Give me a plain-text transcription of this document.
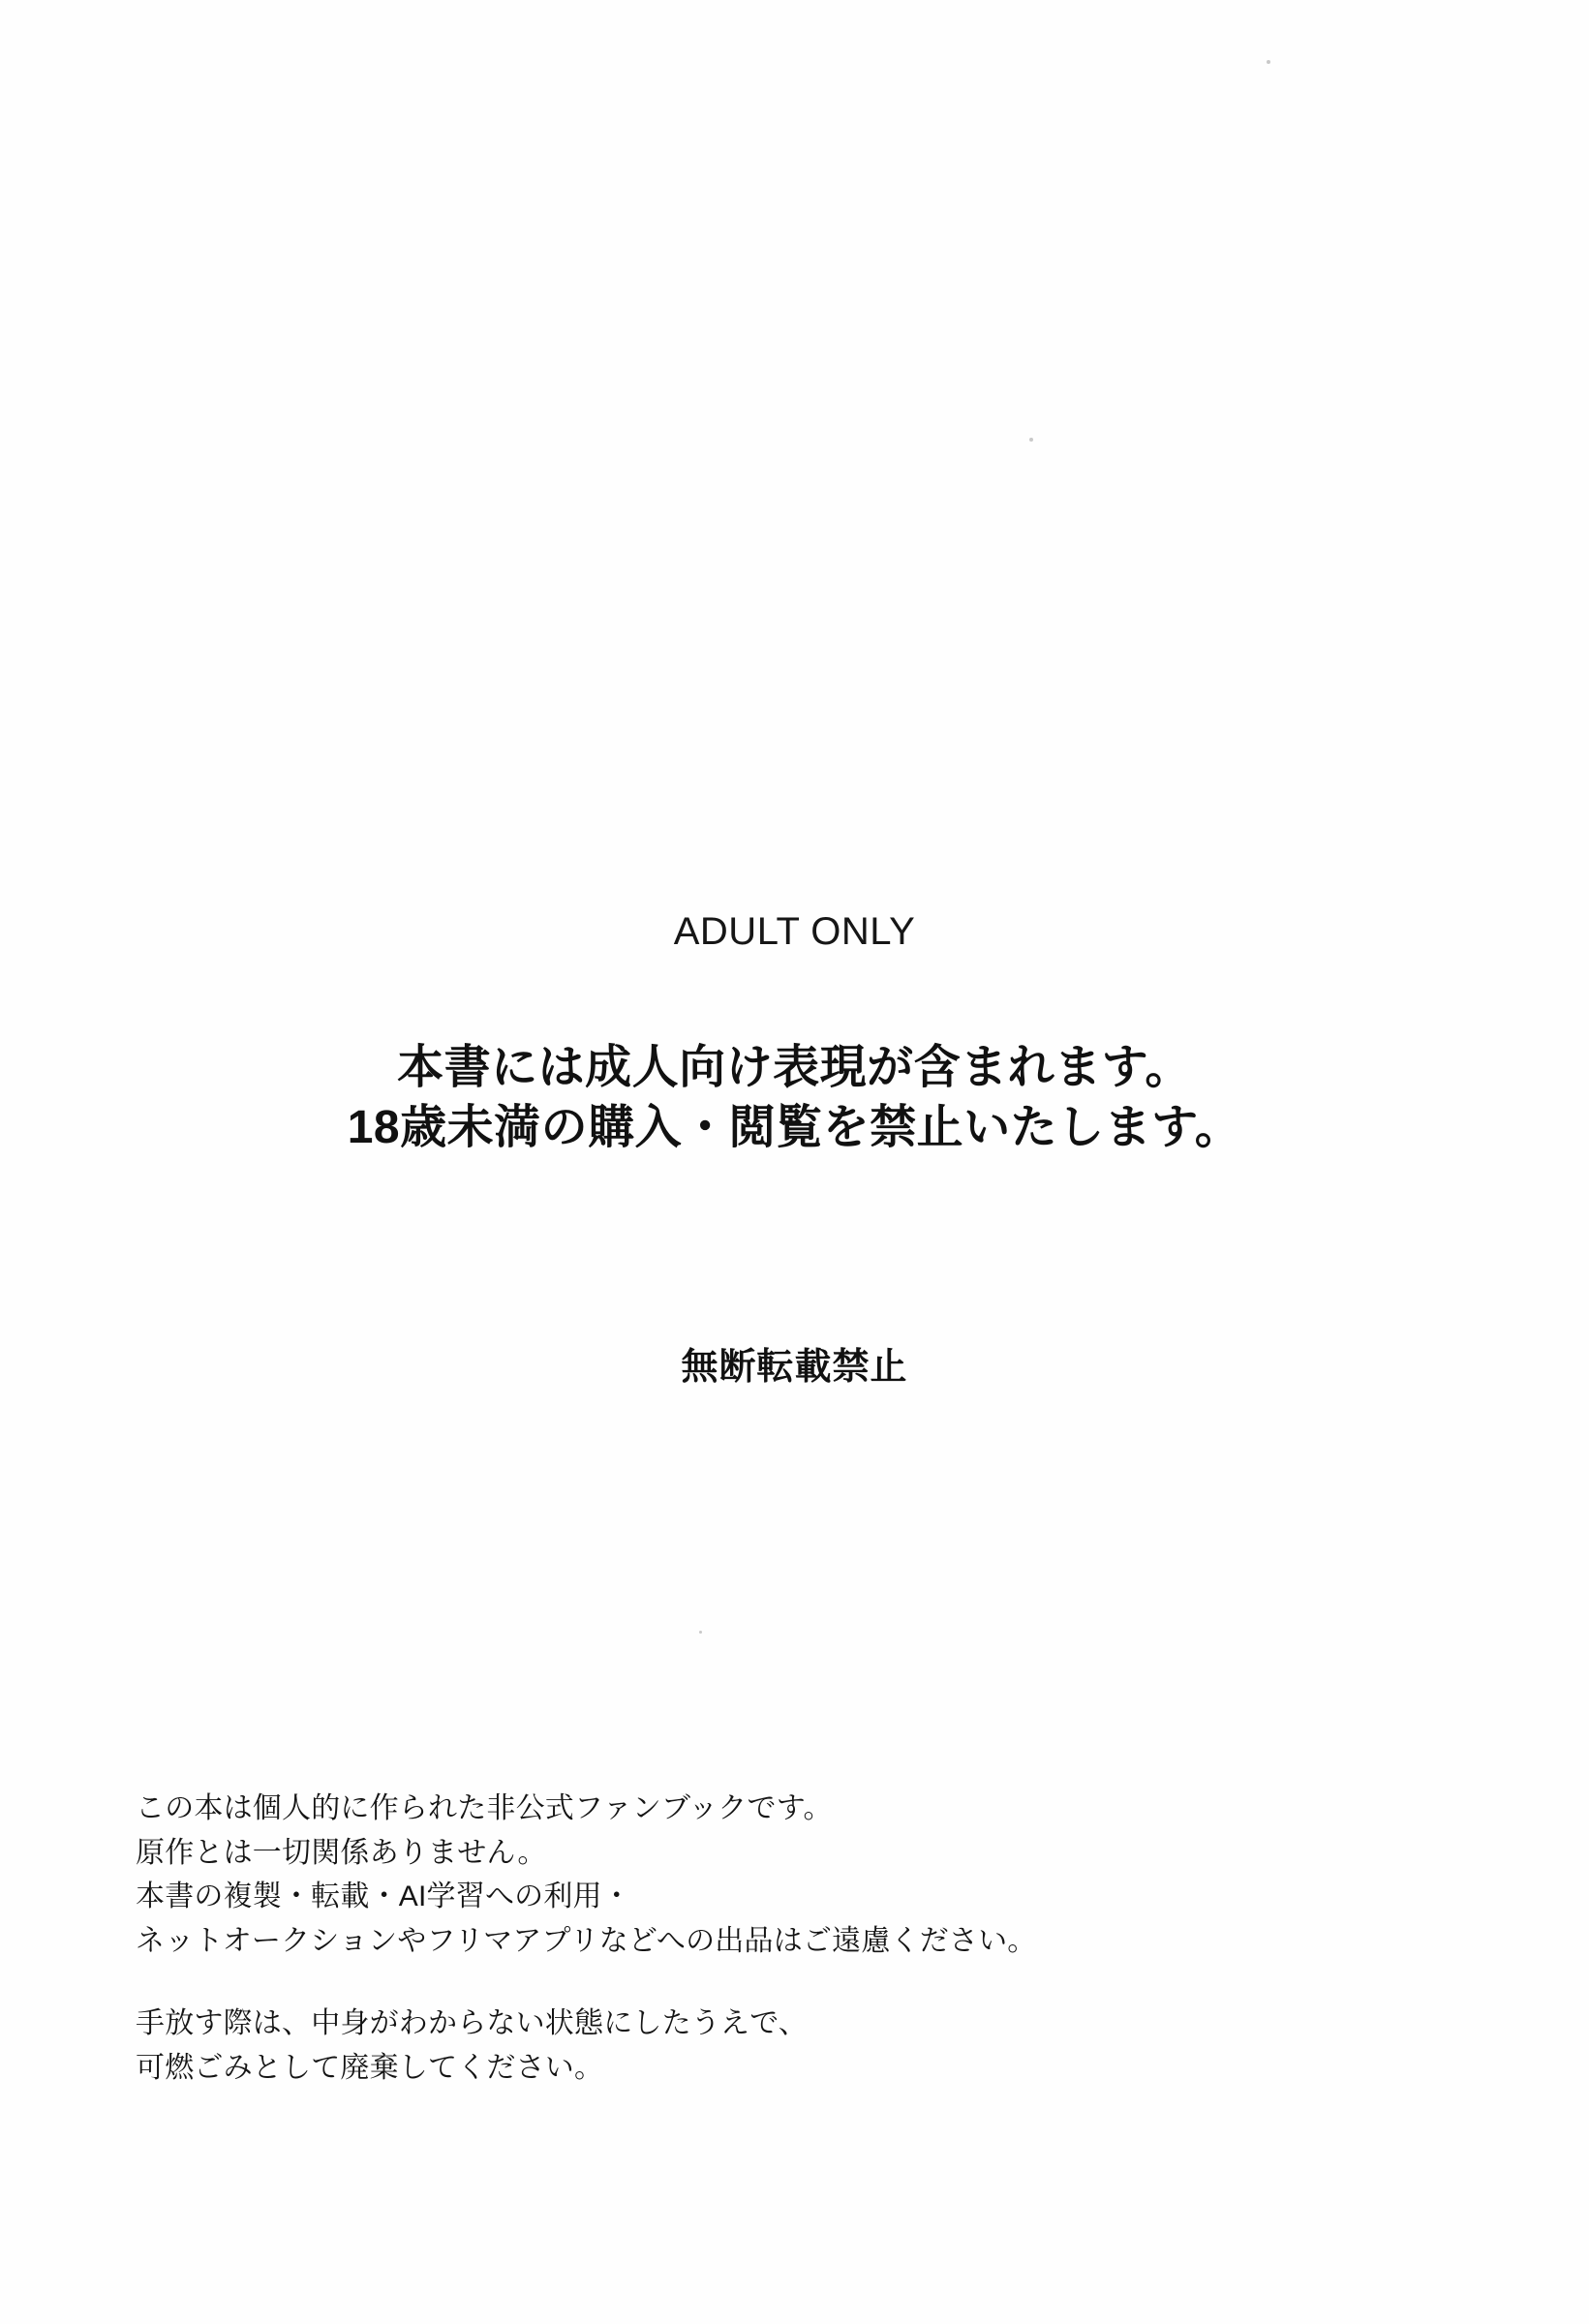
ADULT ONLY
本書には成人向け表現が含まれます。
18歳未満の購入・閲覧を禁止いたします。
無断転載禁止

この本は個人的に作られた非公式ファンブックです。
原作とは一切関係ありません。
本書の複製・転載・AI学習への利用・
ネットオークションやフリマアプリなどへの出品はご遠慮ください。

手放す際は、中身がわからない状態にしたうえで、
可燃ごみとして廃棄してください。
